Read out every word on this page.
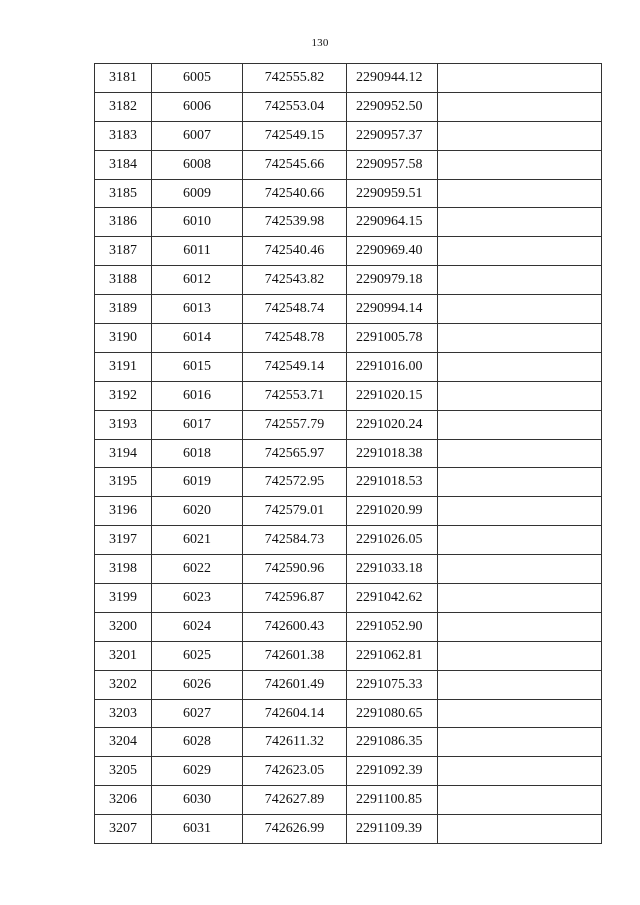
130
3181	6005	742555.82	2290944.12	
3182	6006	742553.04	2290952.50	
3183	6007	742549.15	2290957.37	
3184	6008	742545.66	2290957.58	
3185	6009	742540.66	2290959.51	
3186	6010	742539.98	2290964.15	
3187	6011	742540.46	2290969.40	
3188	6012	742543.82	2290979.18	
3189	6013	742548.74	2290994.14	
3190	6014	742548.78	2291005.78	
3191	6015	742549.14	2291016.00	
3192	6016	742553.71	2291020.15	
3193	6017	742557.79	2291020.24	
3194	6018	742565.97	2291018.38	
3195	6019	742572.95	2291018.53	
3196	6020	742579.01	2291020.99	
3197	6021	742584.73	2291026.05	
3198	6022	742590.96	2291033.18	
3199	6023	742596.87	2291042.62	
3200	6024	742600.43	2291052.90	
3201	6025	742601.38	2291062.81	
3202	6026	742601.49	2291075.33	
3203	6027	742604.14	2291080.65	
3204	6028	742611.32	2291086.35	
3205	6029	742623.05	2291092.39	
3206	6030	742627.89	2291100.85	
3207	6031	742626.99	2291109.39	
